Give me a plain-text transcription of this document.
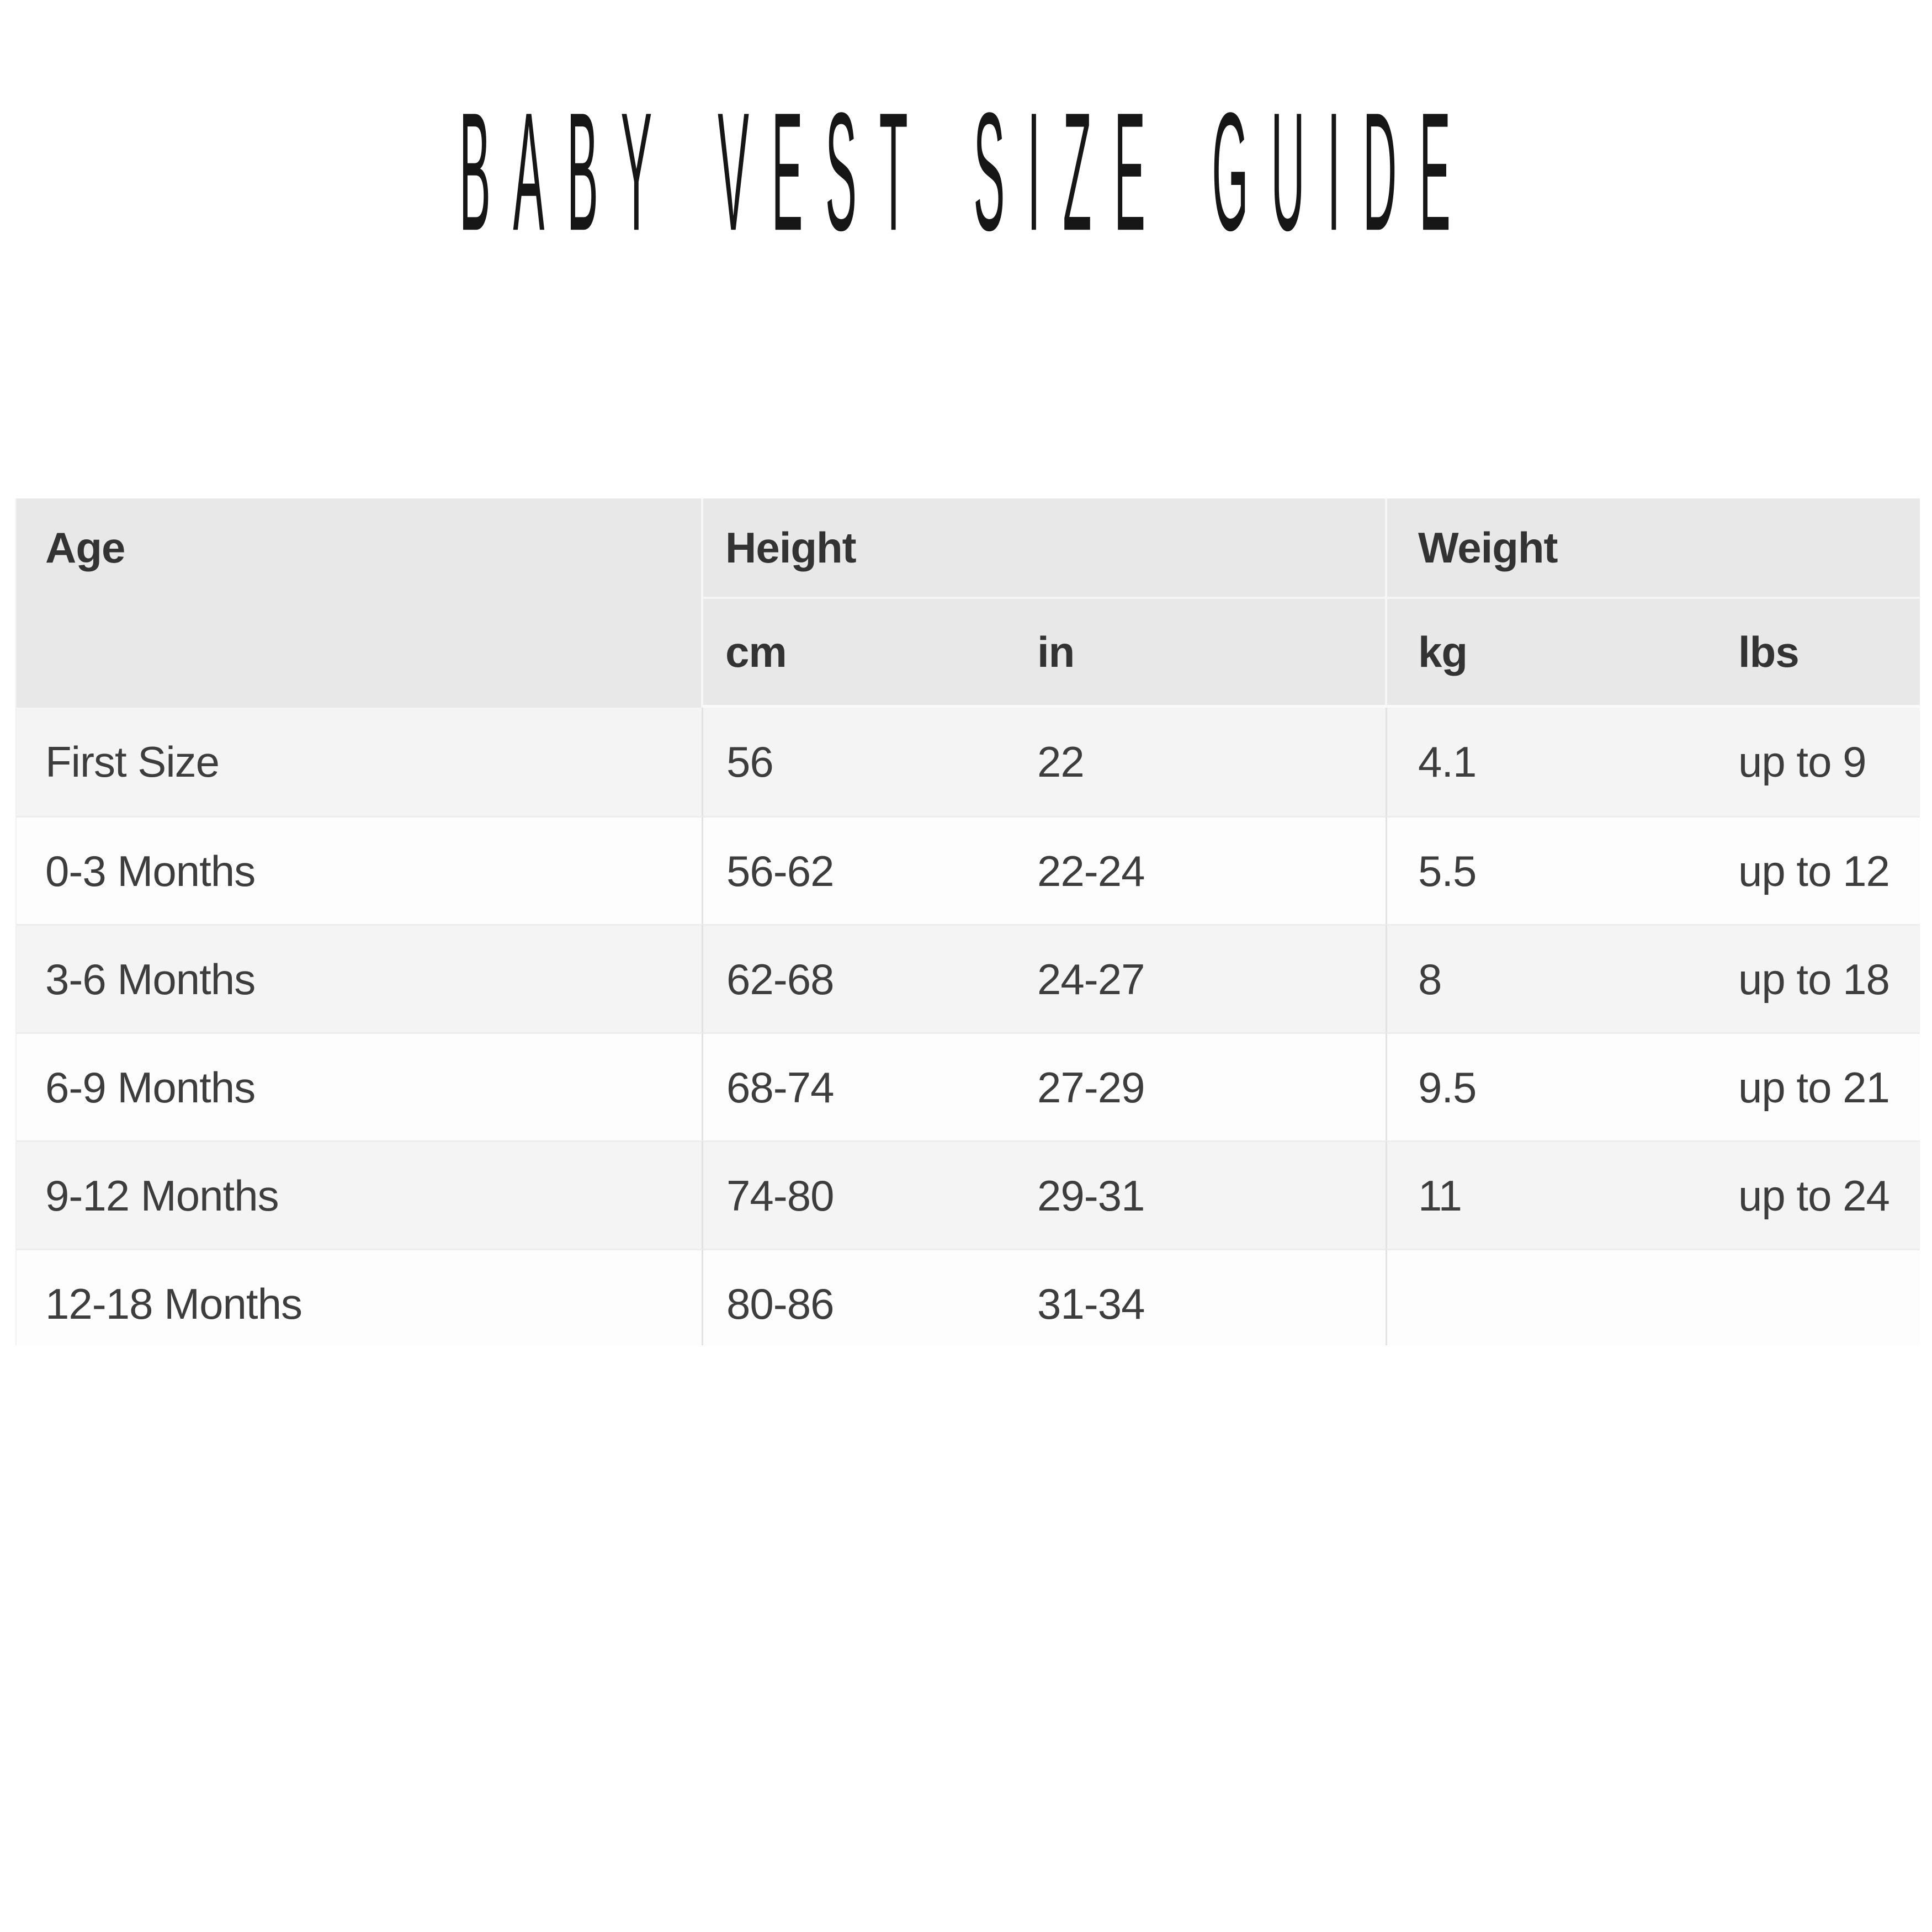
BABY VEST SIZE GUIDE
Age	Height		Weight	
	cm	in	kg	lbs
First Size	56	22	4.1	up to 9
0-3 Months	56-62	22-24	5.5	up to 12
3-6 Months	62-68	24-27	8	up to 18
6-9 Months	68-74	27-29	9.5	up to 21
9-12 Months	74-80	29-31	11	up to 24
12-18 Months	80-86	31-34		
